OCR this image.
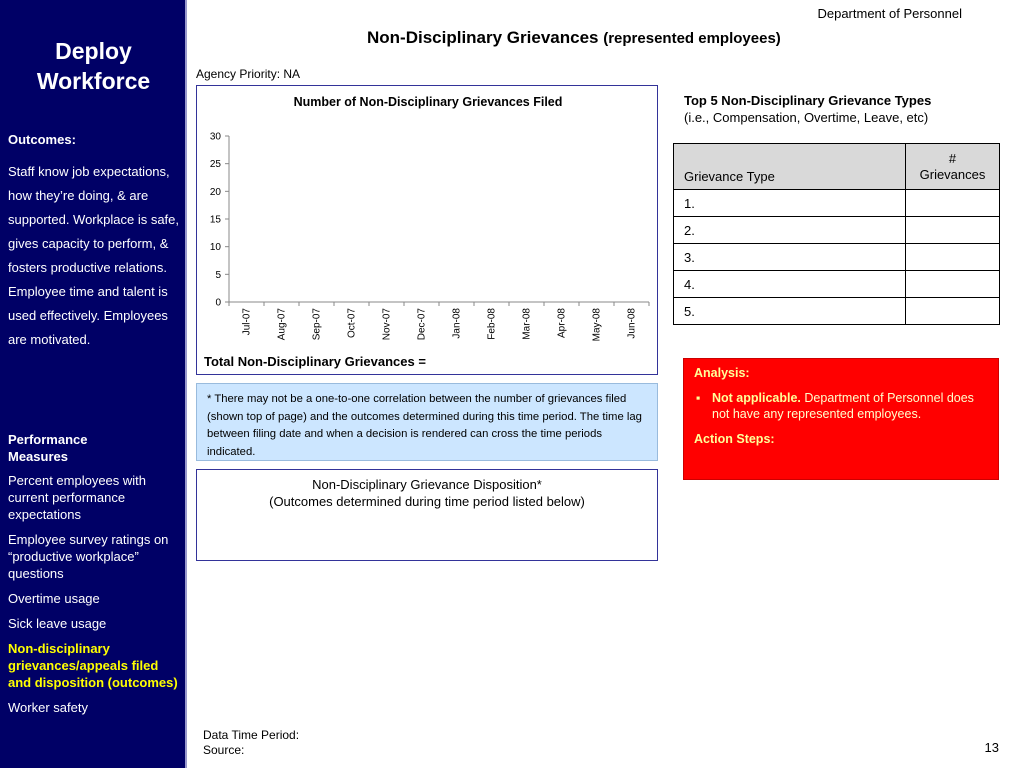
Deploy
Workforce
Outcomes:
Staff know job expectations, how they’re doing, & are supported. Workplace is safe, gives capacity to perform, & fosters productive relations. Employee time and talent is used effectively. Employees are motivated.
Performance
Measures
Percent employees with current performance expectations
Employee survey ratings on “productive workplace” questions
Overtime usage
Sick leave usage
Non-disciplinary grievances/appeals filed and disposition (outcomes)
Worker safety
Department of Personnel
Non-Disciplinary Grievances (represented employees)
Agency Priority: NA
Number of Non-Disciplinary Grievances Filed
0
5
10
15
20
25
30
Jul-07 Aug-07 Sep-07 Oct-07 Nov-07 Dec-07 Jan-08 Feb-08 Mar-08 Apr-08 May-08 Jun-08
Total Non-Disciplinary Grievances =
* There may not be a one-to-one correlation between the number of grievances filed (shown top of page) and the outcomes determined during this time period. The time lag between filing date and when a decision is rendered can cross the time periods indicated.
Non-Disciplinary Grievance Disposition*
(Outcomes determined during time period listed below)
Top 5 Non-Disciplinary Grievance Types
(i.e., Compensation, Overtime, Leave, etc)
Grievance Type	#
Grievances

1.	
2.	
3.	
4.	
5.	
Analysis:
▪ Not applicable. Department of Personnel does not have any represented employees.
Action Steps:
Data Time Period:
Source:	13
